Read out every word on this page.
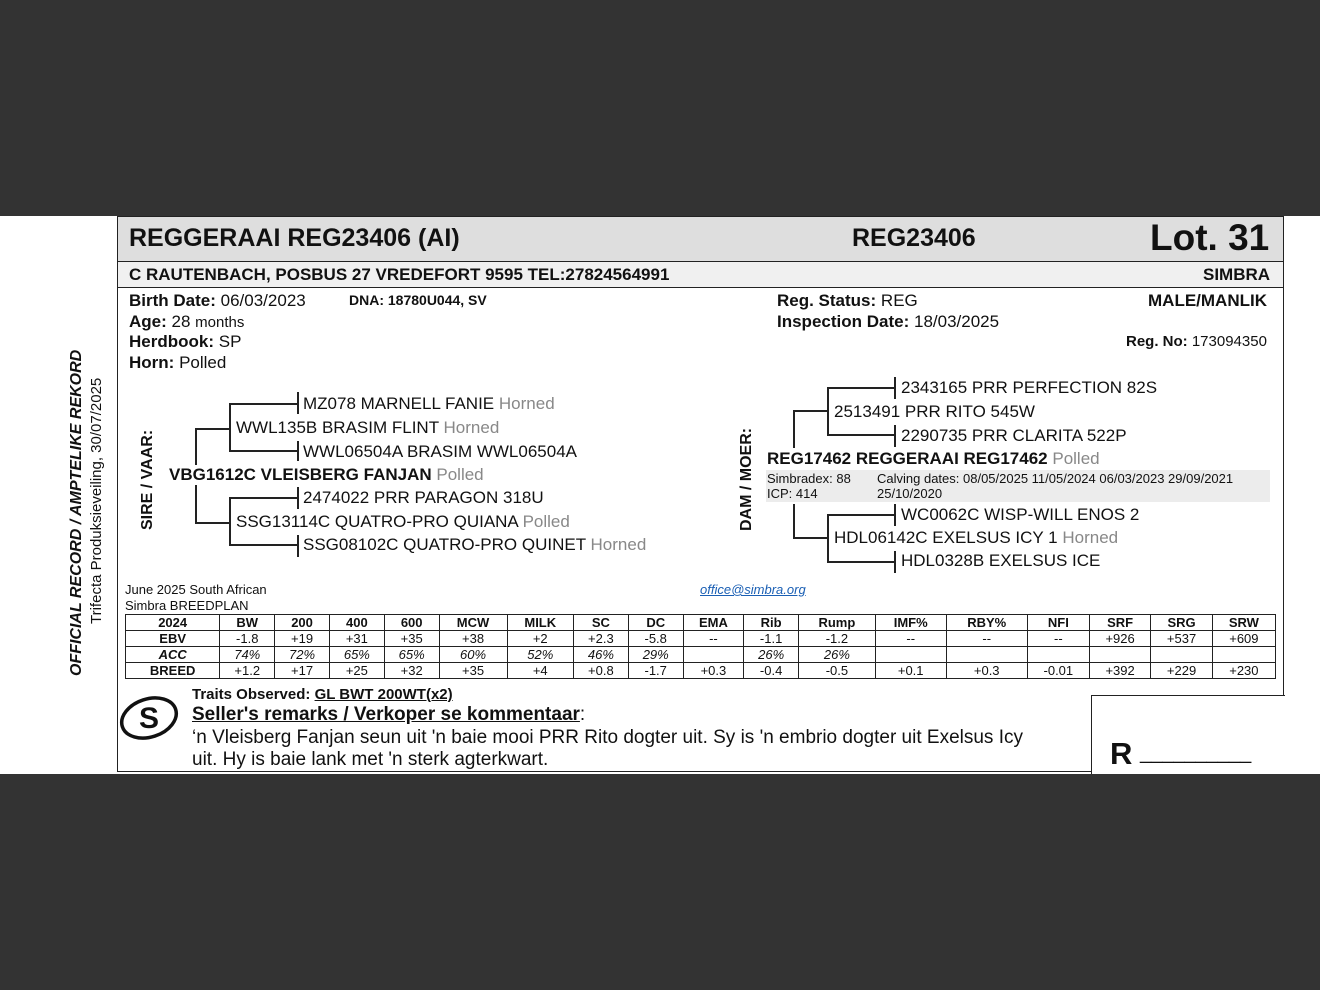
OFFICIAL RECORD / AMPTELIKE REKORD Trifecta Produksieveiling, 30/07/2025
REGGERAAI REG23406 (AI)	REG23406	Lot. 31
C RAUTENBACH, POSBUS 27 VREDEFORT 9595 TEL:27824564991	SIMBRA
Birth Date: 06/03/2023	DNA: 18780U044, SV
Age: 28 months
Herdbook: SP
Horn: Polled
Reg. Status: REG
Inspection Date: 18/03/2025
MALE/MANLIK
Reg. No: 173094350
SIRE / VAAR:
MZ078 MARNELL FANIE Horned
WWL135B BRASIM FLINT Horned
WWL06504A BRASIM WWL06504A
VBG1612C VLEISBERG FANJAN Polled
2474022 PRR PARAGON 318U
SSG13114C QUATRO-PRO QUIANA Polled
SSG08102C QUATRO-PRO QUINET Horned
DAM / MOER:
2343165 PRR PERFECTION 82S
2513491 PRR RITO 545W
2290735 PRR CLARITA 522P
REG17462 REGGERAAI REG17462 Polled
Simbradex: 88
ICP: 414
Calving dates: 08/05/2025 11/05/2024 06/03/2023 29/09/2021
25/10/2020
WC0062C WISP-WILL ENOS 2
HDL06142C EXELSUS ICY 1 Horned
HDL0328B EXELSUS ICE
June 2025 South African
Simbra BREEDPLAN
office@simbra.org
2024	BW	200	400	600	MCW	MILK	SC	DC	EMA	Rib	Rump	IMF%	RBY%	NFI	SRF	SRG	SRW
EBV	-1.8	+19	+31	+35	+38	+2	+2.3	-5.8	--	-1.1	-1.2	--	--	--	+926	+537	+609
ACC	74%	72%	65%	65%	60%	52%	46%	29%		26%	26%						
BREED	+1.2	+17	+25	+32	+35	+4	+0.8	-1.7	+0.3	-0.4	-0.5	+0.1	+0.3	-0.01	+392	+229	+230
S
Traits Observed: GL BWT 200WT(x2)
Seller's remarks / Verkoper se kommentaar:
‘n Vleisberg Fanjan seun uit 'n baie mooi PRR Rito dogter uit. Sy is 'n embrio dogter uit Exelsus Icy
uit. Hy is baie lank met 'n sterk agterkwart.	R __________
